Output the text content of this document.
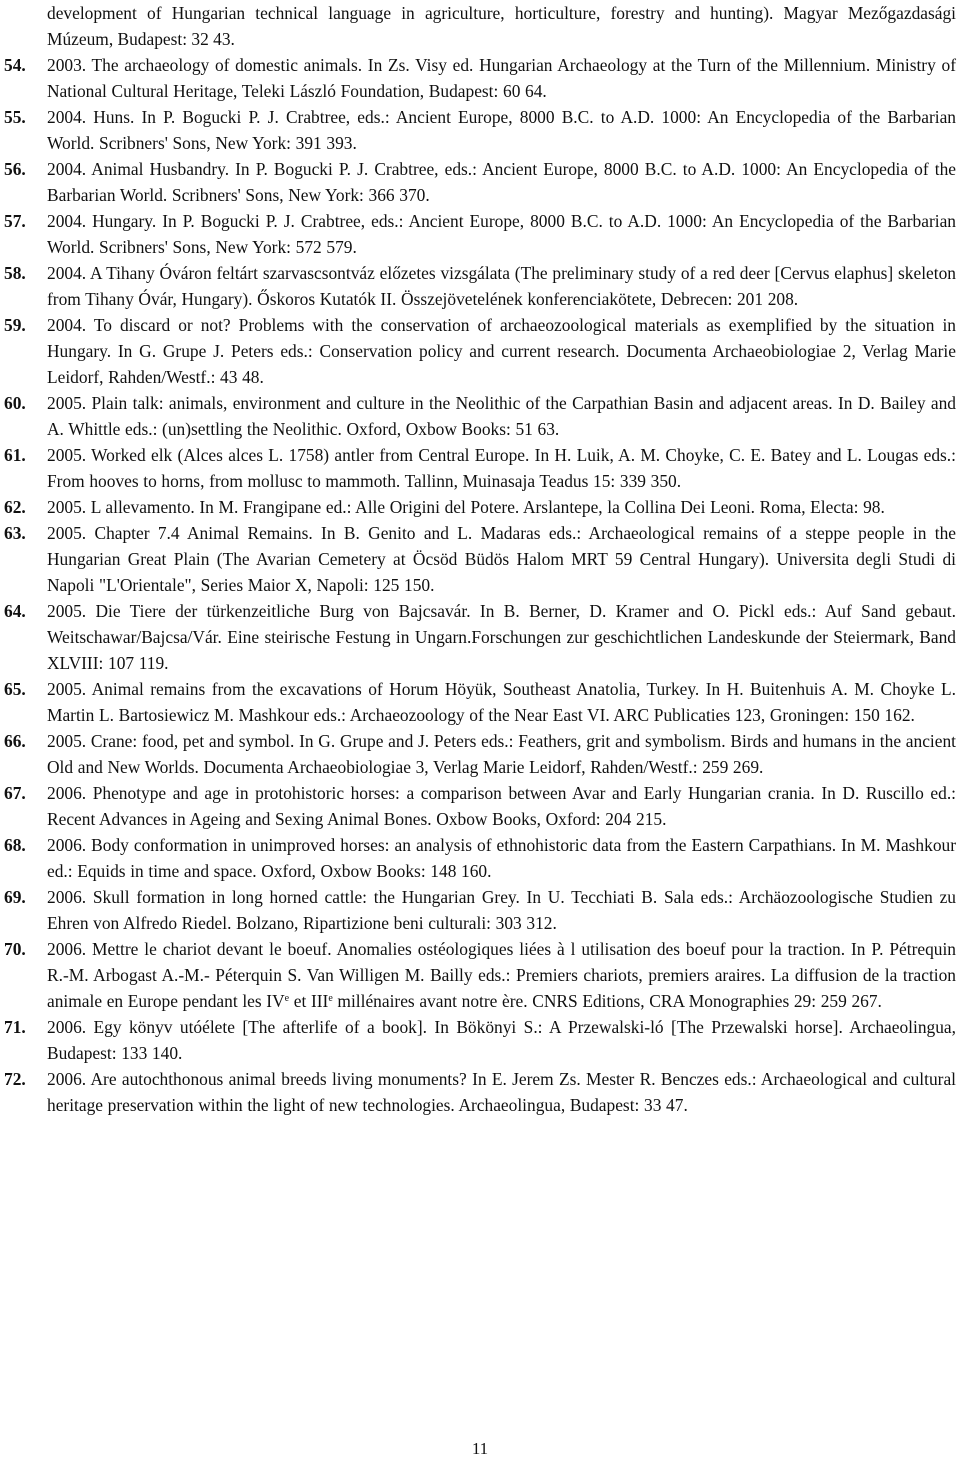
development of Hungarian technical language in agriculture, horticulture, forestry and hunting). Magyar Mezőgazdasági Múzeum, Budapest: 32 43.
54.	2003. The archaeology of domestic animals. In Zs. Visy ed. Hungarian Archaeology at the Turn of the Millennium. Ministry of National Cultural Heritage, Teleki László Foundation, Budapest: 60 64.
55.	2004. Huns. In P. Bogucki P. J. Crabtree, eds.: Ancient Europe, 8000 B.C. to A.D. 1000: An Encyclopedia of the Barbarian World. Scribners' Sons, New York: 391 393.
56.	2004. Animal Husbandry. In P. Bogucki P. J. Crabtree, eds.: Ancient Europe, 8000 B.C. to A.D. 1000: An Encyclopedia of the Barbarian World. Scribners' Sons, New York: 366 370.
57.	2004. Hungary. In P. Bogucki P. J. Crabtree, eds.: Ancient Europe, 8000 B.C. to A.D. 1000: An Encyclopedia of the Barbarian World. Scribners' Sons, New York: 572 579.
58.	2004. A Tihany Óváron feltárt szarvascsontváz előzetes vizsgálata (The preliminary study of a red deer [Cervus elaphus] skeleton from Tihany Óvár, Hungary). Őskoros Kutatók II. Összejövetelének konferenciakötete, Debrecen: 201 208.
59.	2004. To discard or not? Problems with the conservation of archaeozoological materials as exemplified by the situation in Hungary. In G. Grupe J. Peters eds.: Conservation policy and current research. Documenta Archaeobiologiae 2, Verlag Marie Leidorf, Rahden/Westf.: 43 48.
60.	2005. Plain talk: animals, environment and culture in the Neolithic of the Carpathian Basin and adjacent areas. In D. Bailey and A. Whittle eds.: (un)settling the Neolithic. Oxford, Oxbow Books: 51 63.
61.	2005. Worked elk (Alces alces L. 1758) antler from Central Europe. In H. Luik, A. M. Choyke, C. E. Batey and L. Lougas eds.: From hooves to horns, from mollusc to mammoth. Tallinn, Muinasaja Teadus 15: 339 350.
62.	2005. L allevamento. In M. Frangipane ed.: Alle Origini del Potere. Arslantepe, la Collina Dei Leoni. Roma, Electa: 98.
63.	2005. Chapter 7.4 Animal Remains. In B. Genito and L. Madaras eds.: Archaeological remains of a steppe people in the Hungarian Great Plain (The Avarian Cemetery at Öcsöd Büdös Halom MRT 59 Central Hungary). Universita degli Studi di Napoli "L'Orientale", Series Maior X, Napoli: 125 150.
64.	2005. Die Tiere der türkenzeitliche Burg von Bajcsavár. In B. Berner, D. Kramer and O. Pickl eds.: Auf Sand gebaut. Weitschawar/Bajcsa/Vár. Eine steirische Festung in Ungarn.Forschungen zur geschichtlichen Landeskunde der Steiermark, Band XLVIII: 107 119.
65.	2005. Animal remains from the excavations of Horum Höyük, Southeast Anatolia, Turkey. In H. Buitenhuis A. M. Choyke L. Martin L. Bartosiewicz M. Mashkour eds.: Archaeozoology of the Near East VI. ARC Publicaties 123, Groningen: 150 162.
66.	2005. Crane: food, pet and symbol. In G. Grupe and J. Peters eds.: Feathers, grit and symbolism. Birds and humans in the ancient Old and New Worlds. Documenta Archaeobiologiae 3, Verlag Marie Leidorf, Rahden/Westf.: 259 269.
67.	2006. Phenotype and age in protohistoric horses: a comparison between Avar and Early Hungarian crania. In D. Ruscillo ed.: Recent Advances in Ageing and Sexing Animal Bones. Oxbow Books, Oxford: 204 215.
68.	2006. Body conformation in unimproved horses: an analysis of ethnohistoric data from the Eastern Carpathians. In M. Mashkour ed.: Equids in time and space. Oxford, Oxbow Books: 148 160.
69.	2006. Skull formation in long horned cattle: the Hungarian Grey. In U. Tecchiati B. Sala eds.: Archäozoologische Studien zu Ehren von Alfredo Riedel. Bolzano, Ripartizione beni culturali: 303 312.
70.	2006. Mettre le chariot devant le boeuf. Anomalies ostéologiques liées à l utilisation des boeuf pour la traction. In P. Pétrequin R.-M. Arbogast A.-M.- Péterquin S. Van Willigen M. Bailly eds.: Premiers chariots, premiers araires. La diffusion de la traction animale en Europe pendant les IVe et IIIe millénaires avant notre ère. CNRS Editions, CRA Monographies 29: 259 267.
71.	2006. Egy könyv utóélete [The afterlife of a book]. In Bökönyi S.: A Przewalski-ló [The Przewalski horse]. Archaeolingua, Budapest: 133 140.
72.	2006. Are autochthonous animal breeds living monuments? In E. Jerem Zs. Mester R. Benczes eds.: Archaeological and cultural heritage preservation within the light of new technologies. Archaeolingua, Budapest: 33 47.
11
